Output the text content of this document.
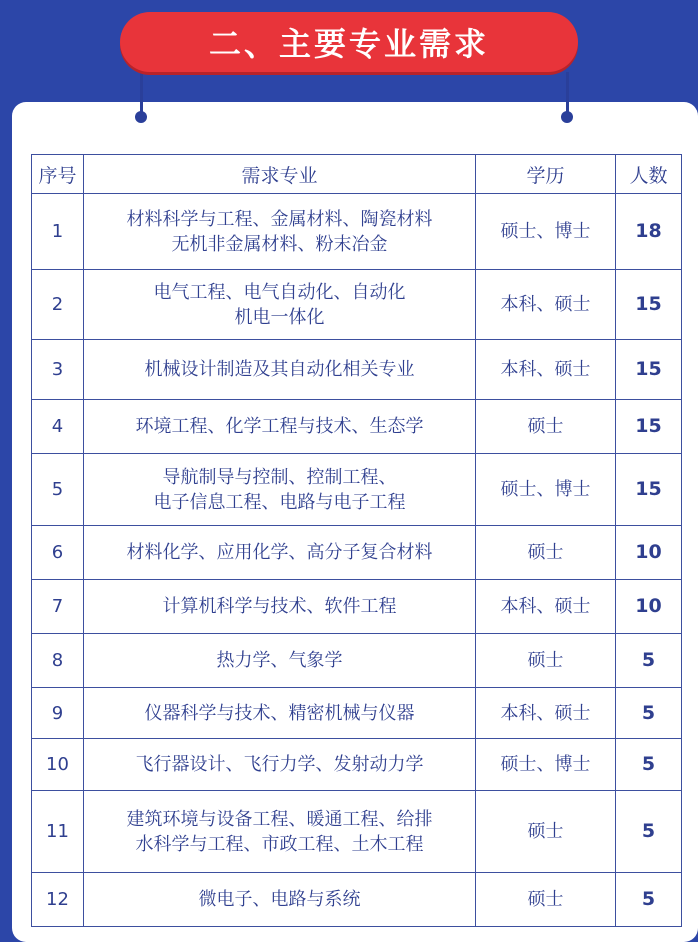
二、主要专业需求
序号	需求专业	学历	人数
1	材料科学与工程、金属材料、陶瓷材料
无机非金属材料、粉末冶金	硕士、博士	18
2	电气工程、电气自动化、自动化
机电一体化	本科、硕士	15
3	机械设计制造及其自动化相关专业	本科、硕士	15
4	环境工程、化学工程与技术、生态学	硕士	15
5	导航制导与控制、控制工程、
电子信息工程、电路与电子工程	硕士、博士	15
6	材料化学、应用化学、高分子复合材料	硕士	10
7	计算机科学与技术、软件工程	本科、硕士	10
8	热力学、气象学	硕士	5
9	仪器科学与技术、精密机械与仪器	本科、硕士	5
10	飞行器设计、飞行力学、发射动力学	硕士、博士	5
11	建筑环境与设备工程、暖通工程、给排
水科学与工程、市政工程、土木工程	硕士	5
12	微电子、电路与系统	硕士	5
